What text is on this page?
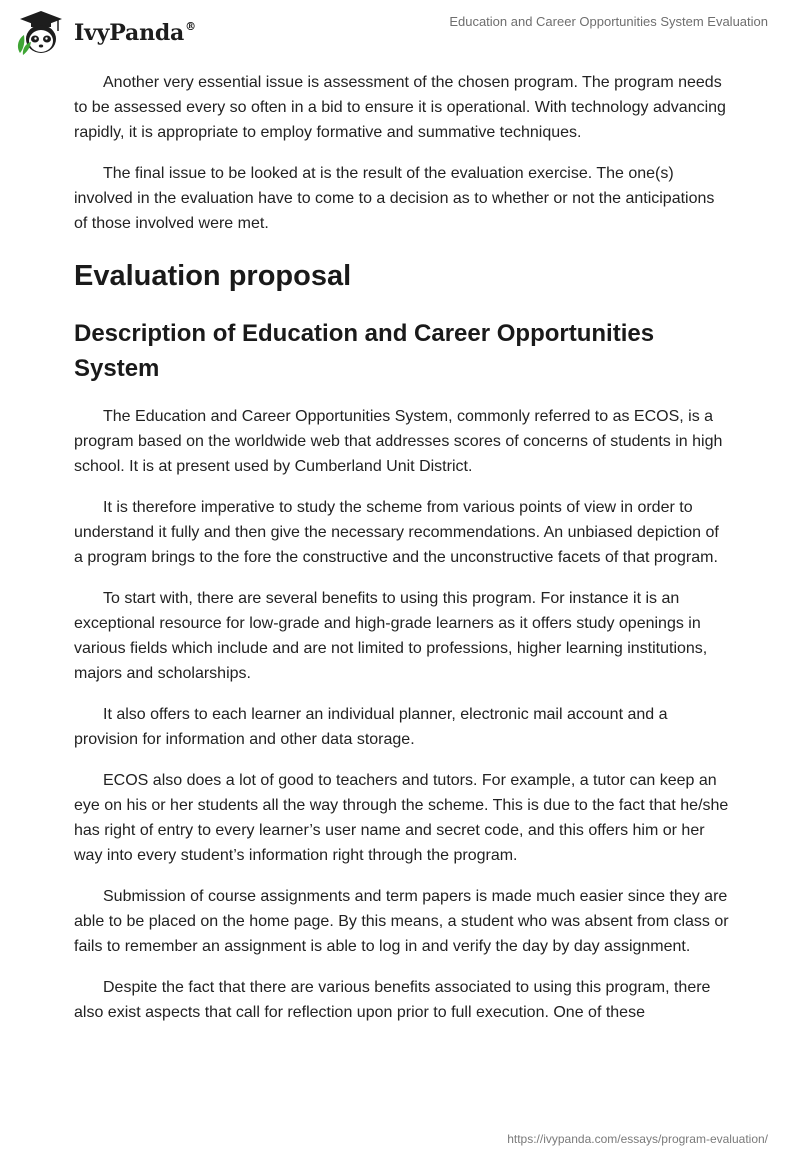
IvyPanda®	Education and Career Opportunities System Evaluation

Another very essential issue is assessment of the chosen program. The program needs to be assessed every so often in a bid to ensure it is operational. With technology advancing rapidly, it is appropriate to employ formative and summative techniques.

The final issue to be looked at is the result of the evaluation exercise. The one(s) involved in the evaluation have to come to a decision as to whether or not the anticipations of those involved were met.

Evaluation proposal
Description of Education and Career Opportunities System

The Education and Career Opportunities System, commonly referred to as ECOS, is a program based on the worldwide web that addresses scores of concerns of students in high school. It is at present used by Cumberland Unit District.

It is therefore imperative to study the scheme from various points of view in order to understand it fully and then give the necessary recommendations. An unbiased depiction of a program brings to the fore the constructive and the unconstructive facets of that program.

To start with, there are several benefits to using this program. For instance it is an exceptional resource for low-grade and high-grade learners as it offers study openings in various fields which include and are not limited to professions, higher learning institutions, majors and scholarships.

It also offers to each learner an individual planner, electronic mail account and a provision for information and other data storage.

ECOS also does a lot of good to teachers and tutors. For example, a tutor can keep an eye on his or her students all the way through the scheme. This is due to the fact that he/she has right of entry to every learner’s user name and secret code, and this offers him or her way into every student’s information right through the program.

Submission of course assignments and term papers is made much easier since they are able to be placed on the home page. By this means, a student who was absent from class or fails to remember an assignment is able to log in and verify the day by day assignment.

Despite the fact that there are various benefits associated to using this program, there also exist aspects that call for reflection upon prior to full execution. One of these

https://ivypanda.com/essays/program-evaluation/
